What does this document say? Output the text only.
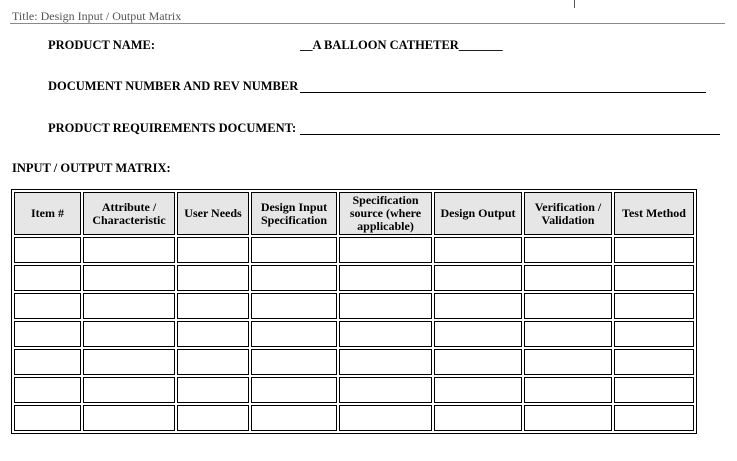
Title: Design Input / Output Matrix
PRODUCT NAME:	__A BALLOON CATHETER_______
DOCUMENT NUMBER AND REV NUMBER
PRODUCT REQUIREMENTS DOCUMENT:
INPUT / OUTPUT MATRIX:
Item #	Attribute / Characteristic	User Needs	Design Input Specification	Specification source (where applicable)	Design Output	Verification / Validation	Test Method
